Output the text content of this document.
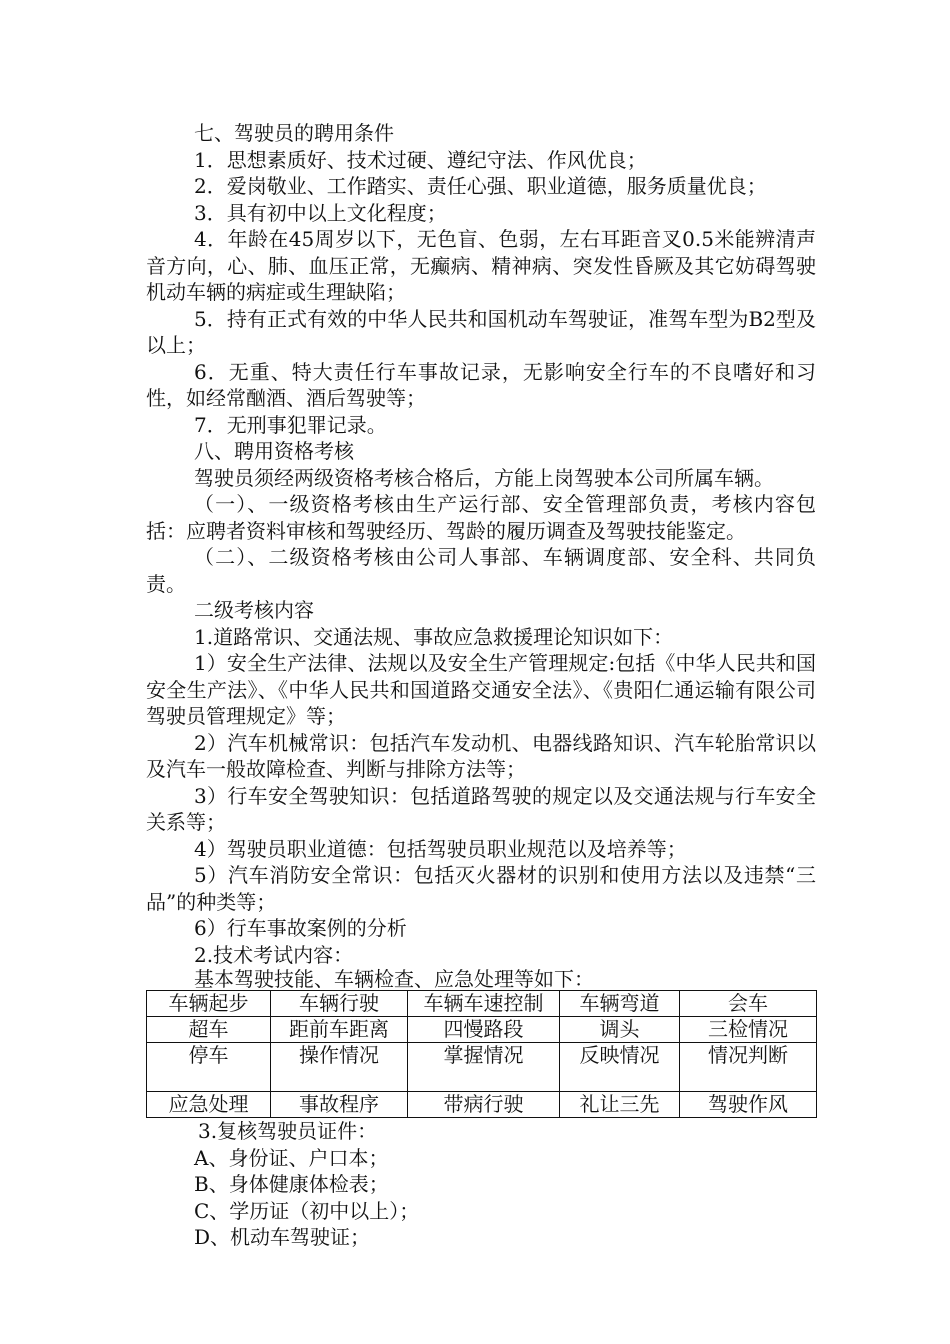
七、驾驶员的聘用条件

1．思想素质好、技术过硬、遵纪守法、作风优良；

2．爱岗敬业、工作踏实、责任心强、职业道德，服务质量优良；

3．具有初中以上文化程度；

4．年龄在45周岁以下，无色盲、色弱，左右耳距音叉0.5米能辨清声音方向，心、肺、血压正常，无癫病、精神病、突发性昏厥及其它妨碍驾驶机动车辆的病症或生理缺陷；

5．持有正式有效的中华人民共和国机动车驾驶证，准驾车型为B2型及以上；

6．无重、特大责任行车事故记录，无影响安全行车的不良嗜好和习性，如经常酗酒、酒后驾驶等；

7．无刑事犯罪记录。

八、聘用资格考核

驾驶员须经两级资格考核合格后，方能上岗驾驶本公司所属车辆。

（一）、一级资格考核由生产运行部、安全管理部负责，考核内容包括：应聘者资料审核和驾驶经历、驾龄的履历调查及驾驶技能鉴定。

（二）、二级资格考核由公司人事部、车辆调度部、安全科、共同负责。

二级考核内容

1.道路常识、交通法规、事故应急救援理论知识如下：

1）安全生产法律、法规以及安全生产管理规定:包括《中华人民共和国安全生产法》、《中华人民共和国道路交通安全法》、《贵阳仁通运输有限公司驾驶员管理规定》等；

2）汽车机械常识：包括汽车发动机、电器线路知识、汽车轮胎常识以及汽车一般故障检查、判断与排除方法等；

3）行车安全驾驶知识：包括道路驾驶的规定以及交通法规与行车安全关系等；

4）驾驶员职业道德：包括驾驶员职业规范以及培养等；

5）汽车消防安全常识：包括灭火器材的识别和使用方法以及违禁“三品”的种类等；

6）行车事故案例的分析

2.技术考试内容：

基本驾驶技能、车辆检查、应急处理等如下：

车辆起步	车辆行驶	车辆车速控制	车辆弯道	会车
超车	距前车距离	四慢路段	调头	三检情况
停车	操作情况	掌握情况	反映情况	情况判断
应急处理	事故程序	带病行驶	礼让三先	驾驶作风

3.复核驾驶员证件：

A、身份证、户口本；

B、身体健康体检表；

C、学历证（初中以上）；

D、机动车驾驶证；
